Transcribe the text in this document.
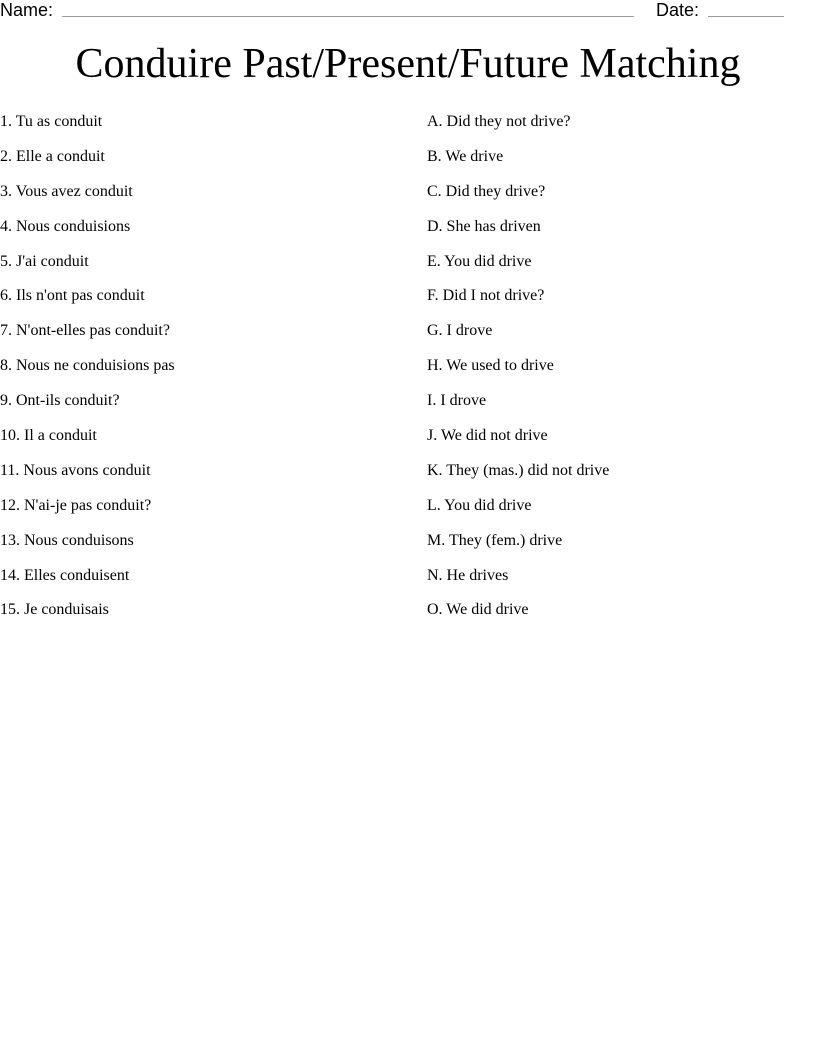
Name:	Date:
Conduire Past/Present/Future Matching
1. Tu as conduit
2. Elle a conduit
3. Vous avez conduit
4. Nous conduisions
5. J'ai conduit
6. Ils n'ont pas conduit
7. N'ont-elles pas conduit?
8. Nous ne conduisions pas
9. Ont-ils conduit?
10. Il a conduit
11. Nous avons conduit
12. N'ai-je pas conduit?
13. Nous conduisons
14. Elles conduisent
15. Je conduisais
A. Did they not drive?
B. We drive
C. Did they drive?
D. She has driven
E. You did drive
F. Did I not drive?
G. I drove
H. We used to drive
I. I drove
J. We did not drive
K. They (mas.) did not drive
L. You did drive
M. They (fem.) drive
N. He drives
O. We did drive
